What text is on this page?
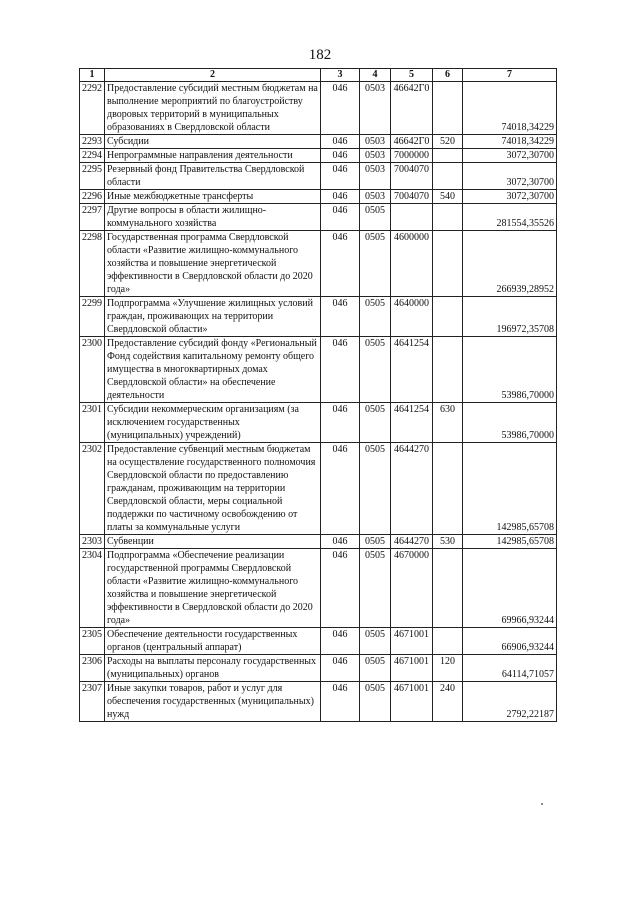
182
1	2	3	4	5	6	7
2292	Предоставление субсидий местным бюджетам на выполнение мероприятий по благоустройству дворовых территорий в муниципальных образованиях в Свердловской области	046	0503	46642Г0		74018,34229
2293	Субсидии	046	0503	46642Г0	520	74018,34229
2294	Непрограммные направления деятельности	046	0503	7000000		3072,30700
2295	Резервный фонд Правительства Свердловской области	046	0503	7004070		3072,30700
2296	Иные межбюджетные трансферты	046	0503	7004070	540	3072,30700
2297	Другие вопросы в области жилищно-коммунального хозяйства	046	0505			281554,35526
2298	Государственная программа Свердловской области «Развитие жилищно-коммунального хозяйства и повышение энергетической эффективности в Свердловской области до 2020 года»	046	0505	4600000		266939,28952
2299	Подпрограмма «Улучшение жилищных условий граждан, проживающих на территории Свердловской области»	046	0505	4640000		196972,35708
2300	Предоставление субсидий фонду «Региональный Фонд содействия капитальному ремонту общего имущества в многоквартирных домах Свердловской области» на обеспечение деятельности	046	0505	4641254		53986,70000
2301	Субсидии некоммерческим организациям (за исключением государственных (муниципальных) учреждений)	046	0505	4641254	630	53986,70000
2302	Предоставление субвенций местным бюджетам на осуществление государственного полномочия Свердловской области по предоставлению гражданам, проживающим на территории Свердловской области, меры социальной поддержки по частичному освобождению от платы за коммунальные услуги	046	0505	4644270		142985,65708
2303	Субвенции	046	0505	4644270	530	142985,65708
2304	Подпрограмма «Обеспечение реализации государственной программы Свердловской области «Развитие жилищно-коммунального хозяйства и повышение энергетической эффективности в Свердловской области до 2020 года»	046	0505	4670000		69966,93244
2305	Обеспечение деятельности государственных органов (центральный аппарат)	046	0505	4671001		66906,93244
2306	Расходы на выплаты персоналу государственных (муниципальных) органов	046	0505	4671001	120	64114,71057
2307	Иные закупки товаров, работ и услуг для обеспечения государственных (муниципальных) нужд	046	0505	4671001	240	2792,22187
